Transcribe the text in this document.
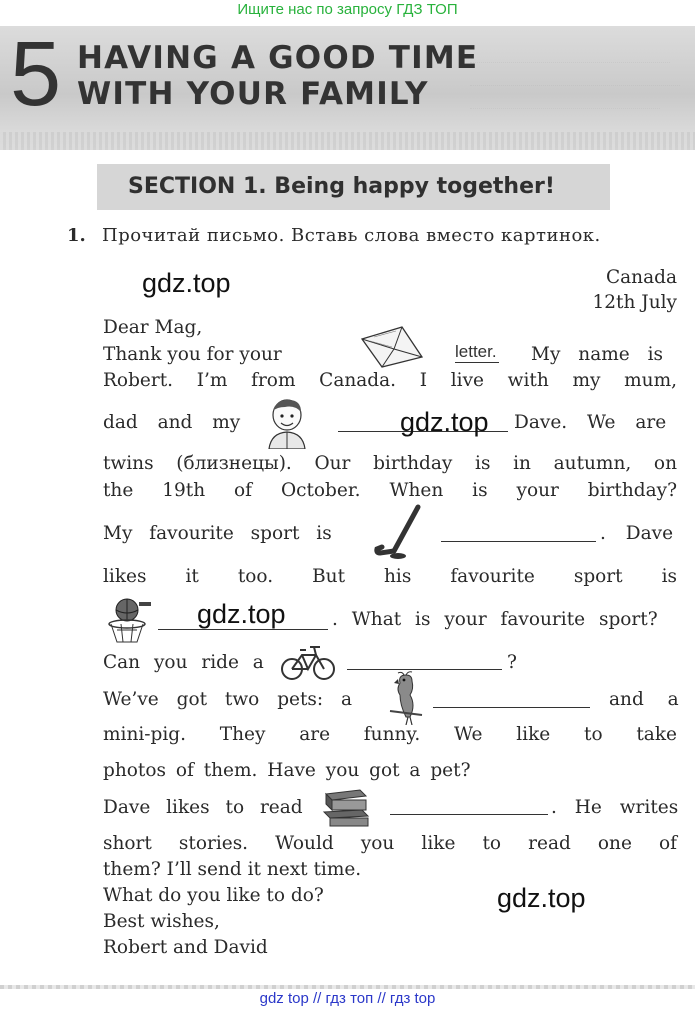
Ищите нас по запросу ГДЗ ТОП
5 HAVING A GOOD TIME
WITH YOUR FAMILY
SECTION 1. Being happy together!
1. Прочитай письмо. Вставь слова вместо картинок.
Canada
12th July
Dear Mag,
Thank you for your	letter. My name is
Robert. I’m from Canada. I live with my mum,
dad and my	Dave. We are
twins (близнецы). Our birthday is in autumn, on
the 19th of October. When is your birthday?
My favourite sport is	. Dave
likes it too. But his favourite sport is
. What is your favourite sport?
Can you ride a	?
We’ve got two pets: a	and a
mini-pig. They are funny. We like to take
photos of them. Have you got a pet?
Dave likes to read	. He writes
short stories. Would you like to read one of
them? I’ll send it next time.
What do you like to do?
Best wishes,
Robert and David
gdz.top
gdz.top
gdz.top
gdz.top
gdz top // гдз топ // гдз top
